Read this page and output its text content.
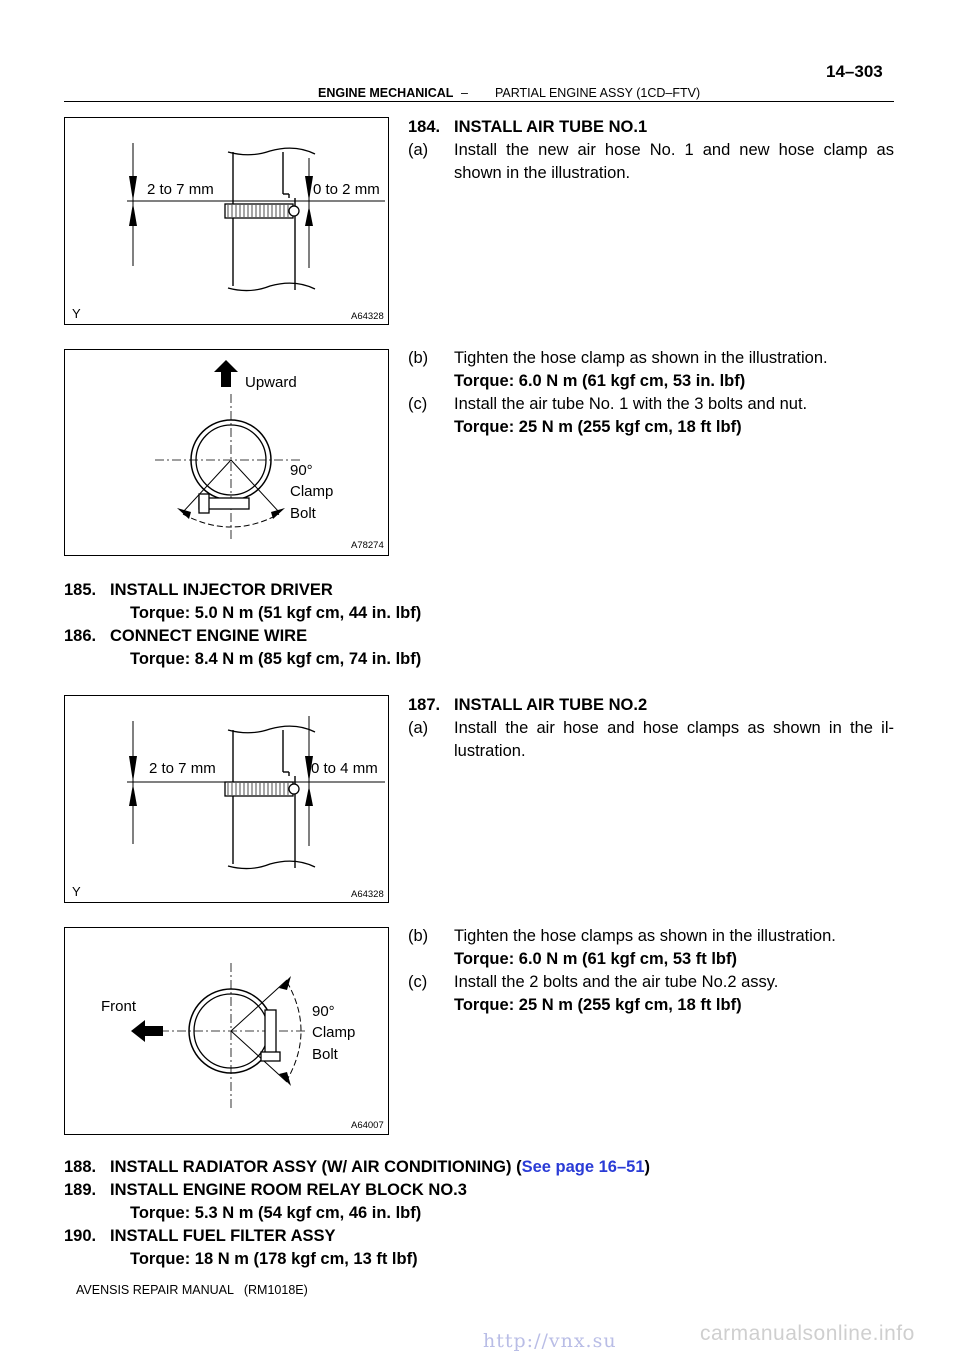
14–303
ENGINE MECHANICAL – PARTIAL ENGINE ASSY (1CD–FTV)
2 to 7 mm	0 to 2 mm
Y	A64328
Upward
90°
Clamp
Bolt
A78274
2 to 7 mm	0 to 4 mm
Y	A64328
Front	90°
Clamp
Bolt
A64007
184. INSTALL AIR TUBE NO.1
(a) Install the new air hose No. 1 and new hose clamp as
shown in the illustration.
(b) Tighten the hose clamp as shown in the illustration.
Torque: 6.0 N m (61 kgf cm, 53 in. lbf)
(c) Install the air tube No. 1 with the 3 bolts and nut.
Torque: 25 N m (255 kgf cm, 18 ft lbf)
185. INSTALL INJECTOR DRIVER
Torque: 5.0 N m (51 kgf cm, 44 in. lbf)
186. CONNECT ENGINE WIRE
Torque: 8.4 N m (85 kgf cm, 74 in. lbf)
187. INSTALL AIR TUBE NO.2
(a) Install the air hose and hose clamps as shown in the il-
lustration.
(b) Tighten the hose clamps as shown in the illustration.
Torque: 6.0 N m (61 kgf cm, 53 ft lbf)
(c) Install the 2 bolts and the air tube No.2 assy.
Torque: 25 N m (255 kgf cm, 18 ft lbf)
188. INSTALL RADIATOR ASSY (W/ AIR CONDITIONING) (See page 16–51)
189. INSTALL ENGINE ROOM RELAY BLOCK NO.3
Torque: 5.3 N m (54 kgf cm, 46 in. lbf)
190. INSTALL FUEL FILTER ASSY
Torque: 18 N m (178 kgf cm, 13 ft lbf)
AVENSIS REPAIR MANUAL   (RM1018E)
http://vnx.su	carmanualsonline.info
